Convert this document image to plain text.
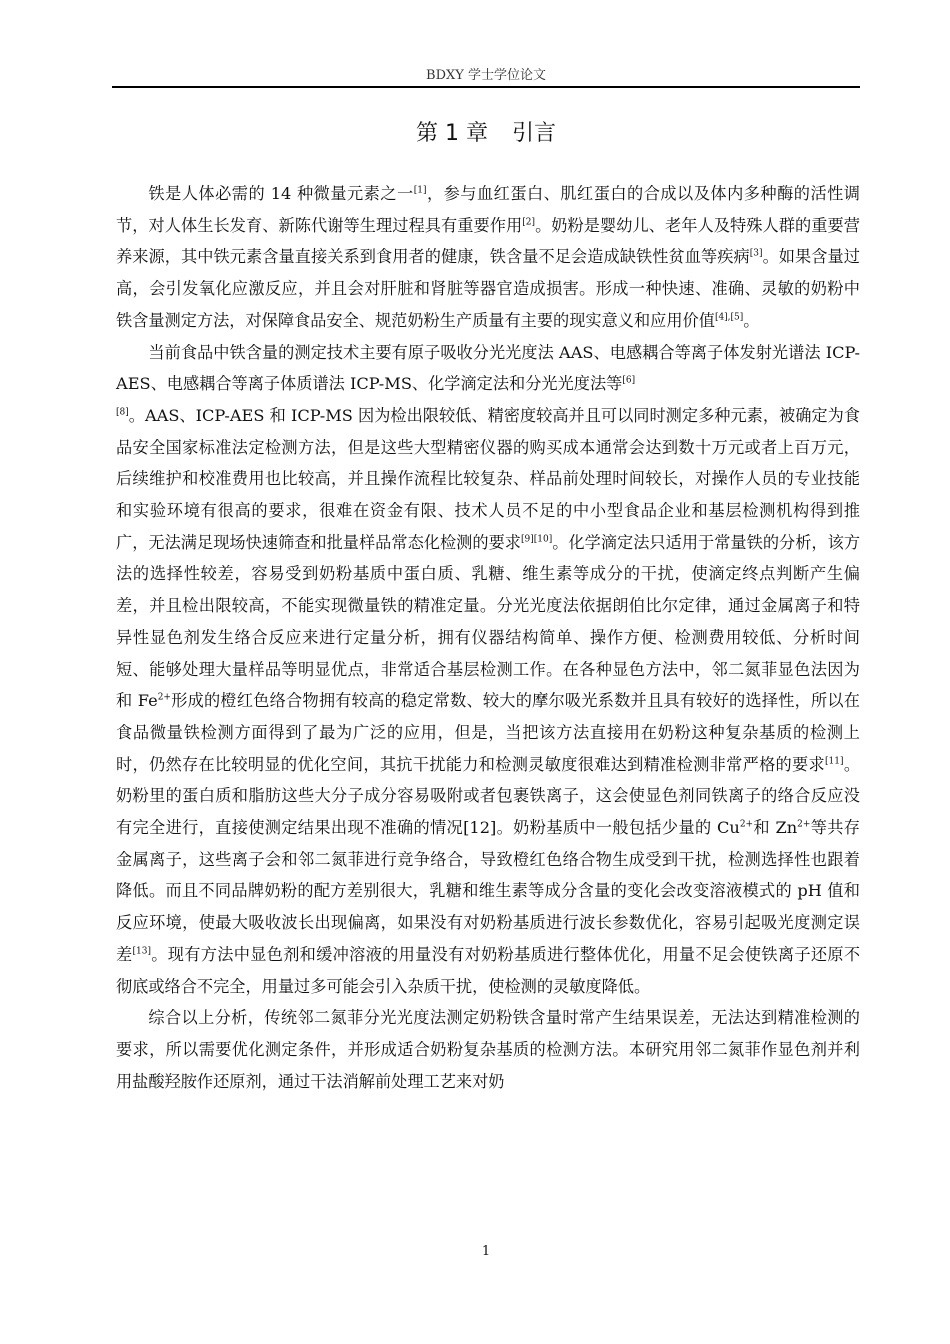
BDXY 学士学位论文
第 1 章 引言

铁是人体必需的 14 种微量元素之一[1]，参与血红蛋白、肌红蛋白的合成以及体内多种酶的活性调节，对人体生长发育、新陈代谢等生理过程具有重要作用[2]。奶粉是婴幼儿、老年人及特殊人群的重要营养来源，其中铁元素含量直接关系到食用者的健康，铁含量不足会造成缺铁性贫血等疾病[3]。如果含量过高，会引发氧化应激反应，并且会对肝脏和肾脏等器官造成损害。形成一种快速、准确、灵敏的奶粉中铁含量测定方法，对保障食品安全、规范奶粉生产质量有主要的现实意义和应用价值[4],[5]。

当前食品中铁含量的测定技术主要有原子吸收分光光度法 AAS、电感耦合等离子体发射光谱法 ICP-AES、电感耦合等离子体质谱法 ICP-MS、化学滴定法和分光光度法等[6]
[8]。AAS、ICP-AES 和 ICP-MS 因为检出限较低、精密度较高并且可以同时测定多种元素，被确定为食品安全国家标准法定检测方法，但是这些大型精密仪器的购买成本通常会达到数十万元或者上百万元，后续维护和校准费用也比较高，并且操作流程比较复杂、样品前处理时间较长，对操作人员的专业技能和实验环境有很高的要求，很难在资金有限、技术人员不足的中小型食品企业和基层检测机构得到推广，无法满足现场快速筛查和批量样品常态化检测的要求[9][10]。化学滴定法只适用于常量铁的分析，该方法的选择性较差，容易受到奶粉基质中蛋白质、乳糖、维生素等成分的干扰，使滴定终点判断产生偏差，并且检出限较高，不能实现微量铁的精准定量。分光光度法依据朗伯比尔定律，通过金属离子和特异性显色剂发生络合反应来进行定量分析，拥有仪器结构简单、操作方便、检测费用较低、分析时间短、能够处理大量样品等明显优点，非常适合基层检测工作。在各种显色方法中，邻二氮菲显色法因为和 $Fe^{2+}$形成的橙红色络合物拥有较高的稳定常数、较大的摩尔吸光系数并且具有较好的选择性，所以在食品微量铁检测方面得到了最为广泛的应用，但是，当把该方法直接用在奶粉这种复杂基质的检测上时，仍然存在比较明显的优化空间，其抗干扰能力和检测灵敏度很难达到精准检测非常严格的要求[11]。奶粉里的蛋白质和脂肪这些大分子成分容易吸附或者包裹铁离子，这会使显色剂同铁离子的络合反应没有完全进行，直接使测定结果出现不准确的情况[12]。奶粉基质中一般包括少量的 $Cu^{2+}$和 $Zn^{2+}$等共存金属离子，这些离子会和邻二氮菲进行竞争络合，导致橙红色络合物生成受到干扰，检测选择性也跟着降低。而且不同品牌奶粉的配方差别很大，乳糖和维生素等成分含量的变化会改变溶液模式的 pH 值和反应环境，使最大吸收波长出现偏离，如果没有对奶粉基质进行波长参数优化，容易引起吸光度测定误差[13]。现有方法中显色剂和缓冲溶液的用量没有对奶粉基质进行整体优化，用量不足会使铁离子还原不彻底或络合不完全，用量过多可能会引入杂质干扰，使检测的灵敏度降低。

综合以上分析，传统邻二氮菲分光光度法测定奶粉铁含量时常产生结果误差，无法达到精准检测的要求，所以需要优化测定条件，并形成适合奶粉复杂基质的检测方法。本研究用邻二氮菲作显色剂并利用盐酸羟胺作还原剂，通过干法消解前处理工艺来对奶

1
